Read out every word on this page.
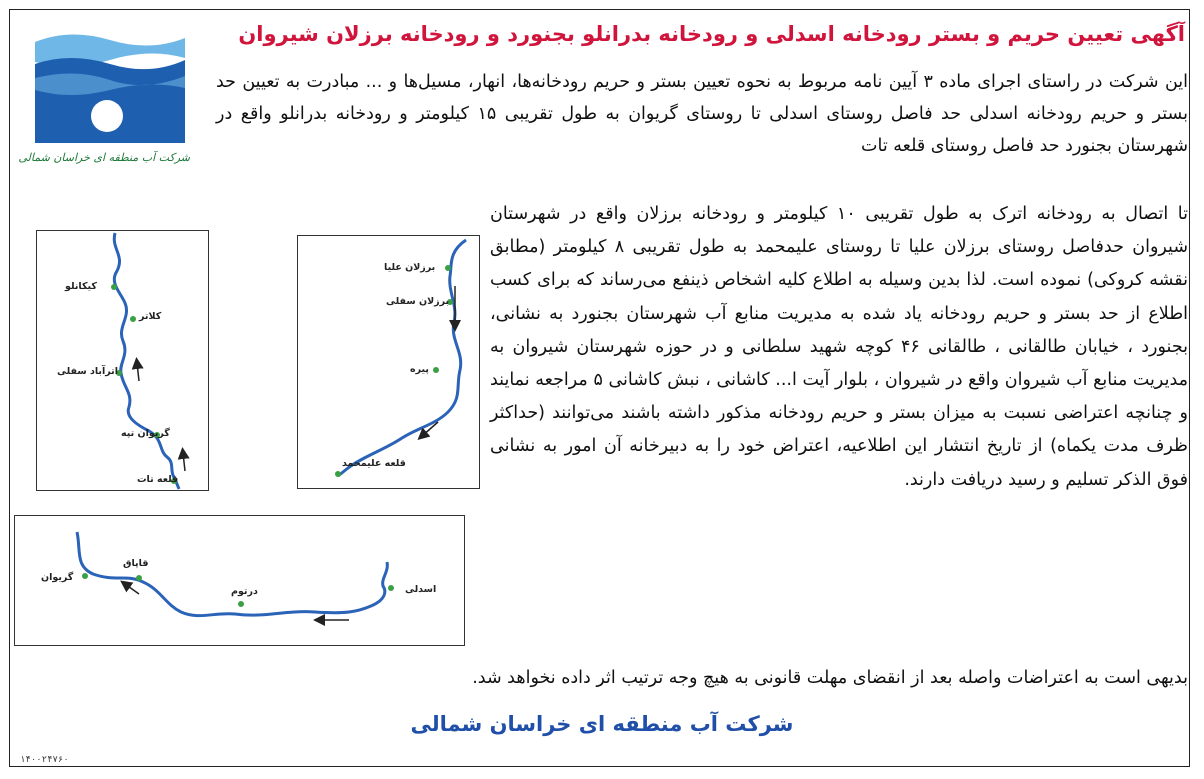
آگهی تعیین حریم و بستر رودخانه اسدلی و رودخانه بدرانلو بجنورد و رودخانه برزلان شیروان
شرکت آب منطقه ای خراسان شمالی
این شرکت در راستای اجرای ماده ۳ آیین نامه مربوط به نحوه تعیین بستر و حریم رودخانه‌ها، انهار، مسیل‌ها و ... مبادرت به تعیین حد بستر و حریم رودخانه اسدلی حد فاصل روستای اسدلی تا روستای گریوان به طول تقریبی ۱۵ کیلومتر و رودخانه بدرانلو واقع در شهرستان بجنورد حد فاصل روستای قلعه تات
تا اتصال به رودخانه اترک به طول تقریبی ۱۰ کیلومتر و رودخانه برزلان واقع در شهرستان شیروان حدفاصل روستای برزلان علیا تا روستای علیمحمد به طول تقریبی ۸ کیلومتر (مطابق نقشه کروکی) نموده است. لذا بدین وسیله به اطلاع کلیه اشخاص ذینفع می‌رساند که برای کسب اطلاع از حد بستر و حریم رودخانه یاد شده به مدیریت منابع آب شهرستان بجنورد به نشانی، بجنورد ، خیابان طالقانی ، طالقانی ۴۶ کوچه شهید سلطانی و در حوزه شهرستان شیروان به مدیریت منابع آب شیروان واقع در شیروان ، بلوار آیت ا... کاشانی ، نبش کاشانی ۵ مراجعه نمایند و چنانچه اعتراضی نسبت به میزان بستر و حریم رودخانه مذکور داشته باشند می‌توانند (حداکثر ظرف مدت یکماه) از تاریخ انتشار این اطلاعیه، اعتراض خود را به دبیرخانه آن امور به نشانی فوق الذکر تسلیم و رسید دریافت دارند.
بدیهی است به اعتراضات واصله بعد از انقضای مهلت قانونی به هیچ وجه ترتیب اثر داده نخواهد شد.
شرکت آب منطقه ای خراسان شمالی
۱۴۰۰۲۴۷۶۰
کیکانلو
کلاتر
اترآباد سفلی
گریوان تپه
قلعه تات
برزلان علیا
برزلان سفلی
پیره
قلعه علیمحمد
گریوان
قاپاق
درتوم	اسدلی
